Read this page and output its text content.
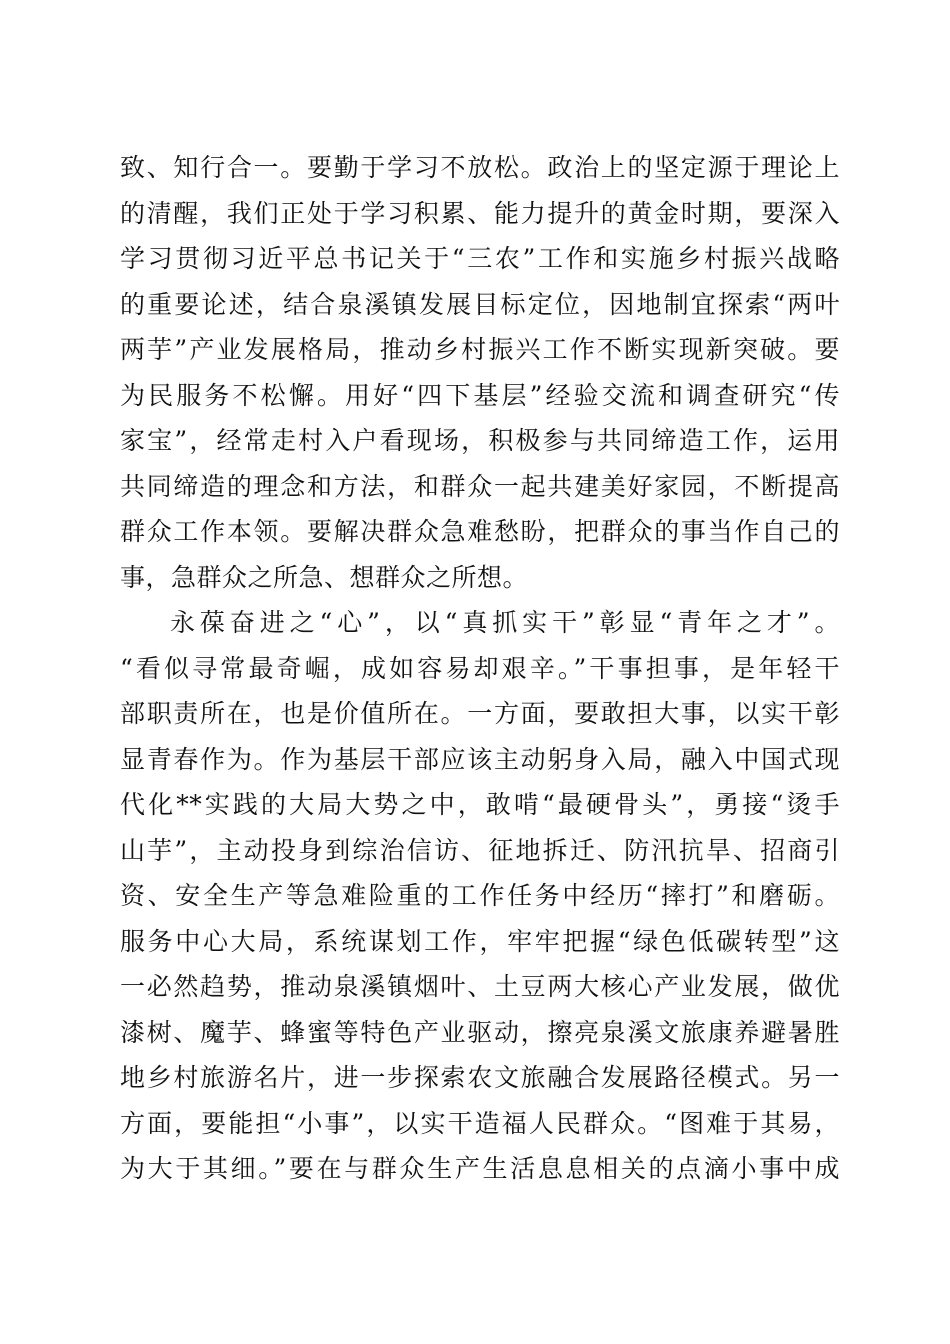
致、知行合一。要勤于学习不放松。政治上的坚定源于理论上
的清醒，我们正处于学习积累、能力提升的黄金时期，要深入
学习贯彻习近平总书记关于“三农”工作和实施乡村振兴战略
的重要论述，结合泉溪镇发展目标定位，因地制宜探索“两叶
两芋”产业发展格局，推动乡村振兴工作不断实现新突破。要
为民服务不松懈。用好“四下基层”经验交流和调查研究“传
家宝”，经常走村入户看现场，积极参与共同缔造工作，运用
共同缔造的理念和方法，和群众一起共建美好家园，不断提高
群众工作本领。要解决群众急难愁盼，把群众的事当作自己的
事，急群众之所急、想群众之所想。
永葆奋进之“心”，以“真抓实干”彰显“青年之才”。
“看似寻常最奇崛，成如容易却艰辛。”干事担事，是年轻干
部职责所在，也是价值所在。一方面，要敢担大事，以实干彰
显青春作为。作为基层干部应该主动躬身入局，融入中国式现
代化**实践的大局大势之中，敢啃“最硬骨头”，勇接“烫手
山芋”，主动投身到综治信访、征地拆迁、防汛抗旱、招商引
资、安全生产等急难险重的工作任务中经历“摔打”和磨砺。
服务中心大局，系统谋划工作，牢牢把握“绿色低碳转型”这
一必然趋势，推动泉溪镇烟叶、土豆两大核心产业发展，做优
漆树、魔芋、蜂蜜等特色产业驱动，擦亮泉溪文旅康养避暑胜
地乡村旅游名片，进一步探索农文旅融合发展路径模式。另一
方面，要能担“小事”，以实干造福人民群众。“图难于其易，
为大于其细。”要在与群众生产生活息息相关的点滴小事中成
